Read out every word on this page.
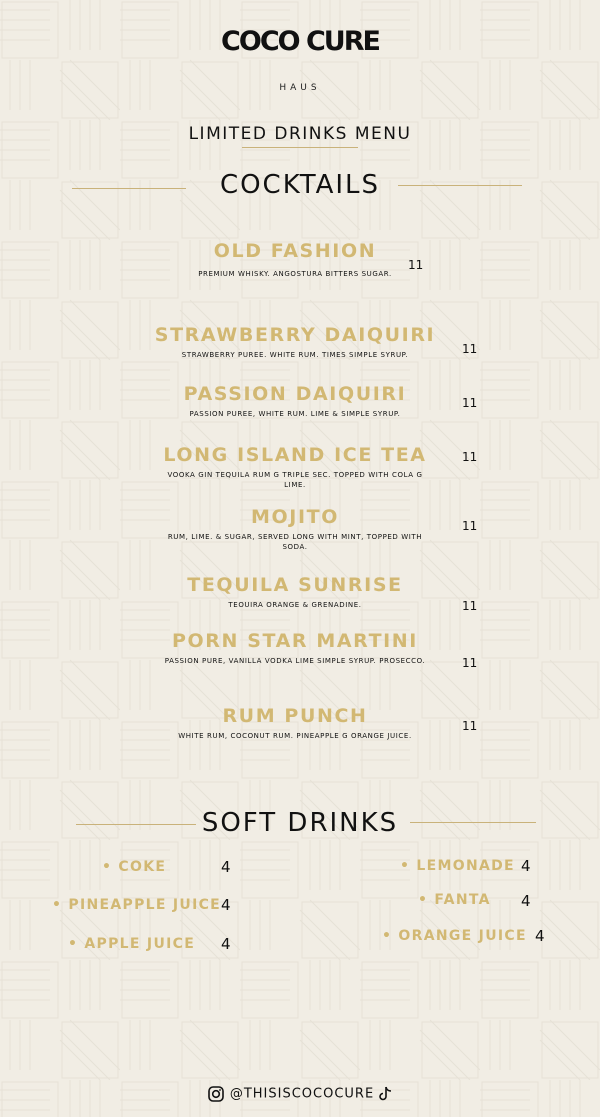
COCO CURE
HAUS
LIMITED DRINKS MENU
COCKTAILS
OLD FASHION
PREMIUM WHISKY. ANGOSTURA BITTERS SUGAR.
11
STRAWBERRY DAIQUIRI
STRAWBERRY PUREE. WHITE RUM. TIMES SIMPLE SYRUP.	11
PASSION DAIQUIRI
PASSION PUREE, WHITE RUM. LIME & SIMPLE SYRUP.
11
LONG ISLAND ICE TEA
VOOKA GIN TEQUILA RUM G TRIPLE SEC. TOPPED WITH COLA G LIME.
11
MOJITO
RUM, LIME. & SUGAR, SERVED LONG WITH MINT, TOPPED WITH SODA.
11
TEQUILA SUNRISE
TEOUIRA ORANGE & GRENADINE.	11
PORN STAR MARTINI
PASSION PURE, VANILLA VODKA LIME SIMPLE SYRUP. PROSECCO.	11
RUM PUNCH
WHITE RUM, COCONUT RUM. PINEAPPLE G ORANGE JUICE.
11
SOFT DRINKS
• COKE	4
• PINEAPPLE JUICE 4
• APPLE JUICE 4
• LEMONADE 4
• FANTA 4
• ORANGE JUICE 4
@THISISCOCOCURE
